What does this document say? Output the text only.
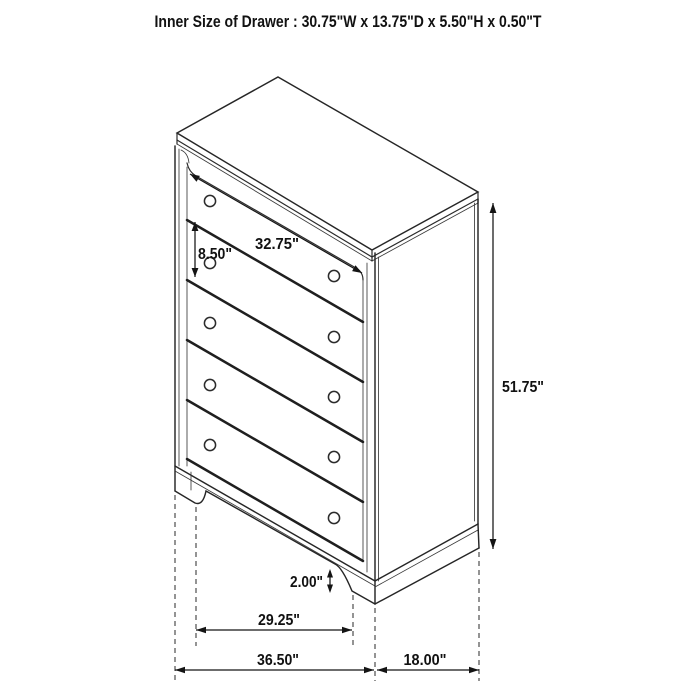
Inner Size of Drawer : 30.75"W x 13.75"D x 5.50"H x 0.50"T
32.75"
8.50"
51.75"
2.00"
29.25"
36.50"	18.00"
